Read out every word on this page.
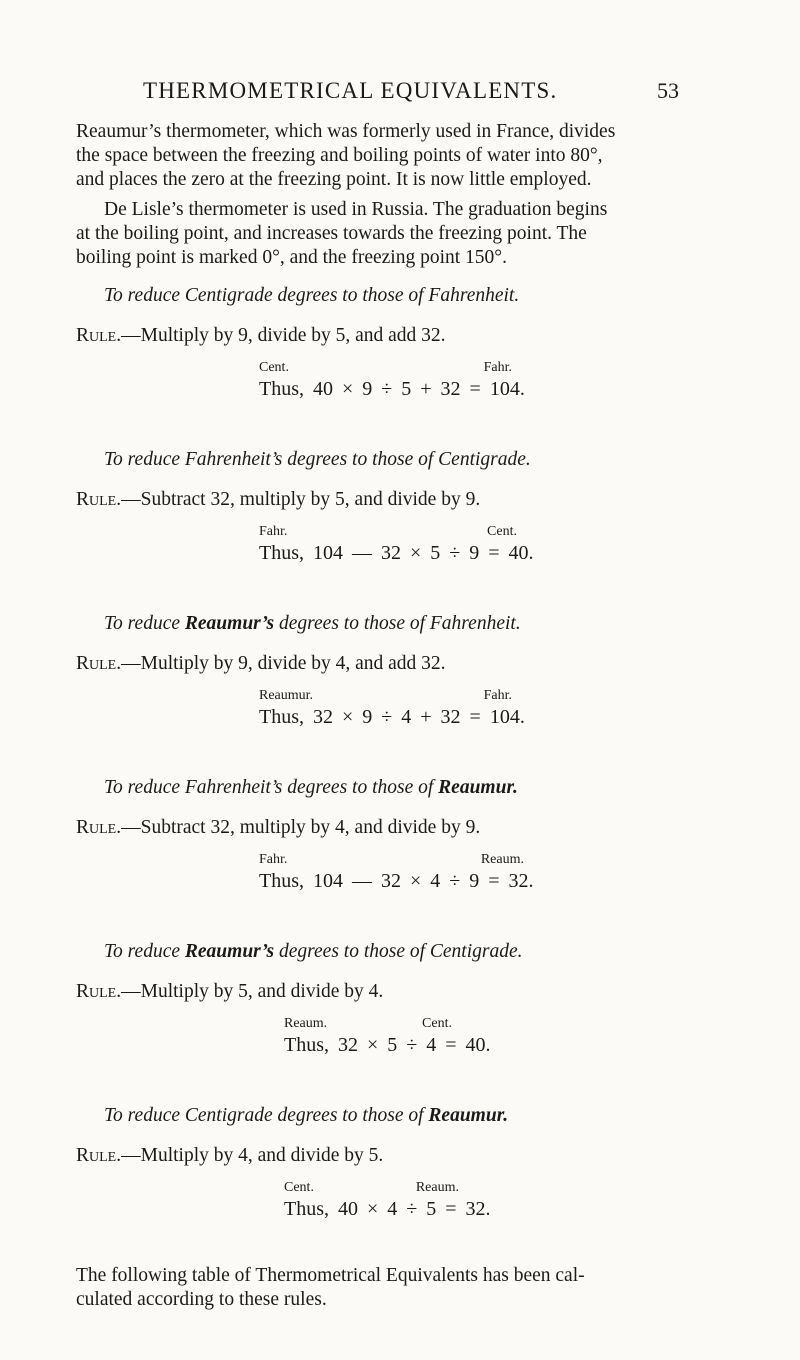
THERMOMETRICAL EQUIVALENTS.	53
Reaumur’s thermometer, which was formerly used in France, divides
the space between the freezing and boiling points of water into 80°,
and places the zero at the freezing point. It is now little employed.
De Lisle’s thermometer is used in Russia. The graduation begins
at the boiling point, and increases towards the freezing point. The
boiling point is marked 0°, and the freezing point 150°.
To reduce Centigrade degrees to those of Fahrenheit.
Rule.—Multiply by 9, divide by 5, and add 32.
Cent.	Fahr.
Thus, 40 × 9 ÷ 5 + 32 = 104.
To reduce Fahrenheit’s degrees to those of Centigrade.
Rule.—Subtract 32, multiply by 5, and divide by 9.
Fahr.	Cent.
Thus, 104 — 32 × 5 ÷ 9 = 40.
To reduce Reaumur’s degrees to those of Fahrenheit.
Rule.—Multiply by 9, divide by 4, and add 32.
Reaumur.	Fahr.
Thus, 32 × 9 ÷ 4 + 32 = 104.
To reduce Fahrenheit’s degrees to those of Reaumur.
Rule.—Subtract 32, multiply by 4, and divide by 9.
Fahr.	Reaum.
Thus, 104 — 32 × 4 ÷ 9 = 32.
To reduce Reaumur’s degrees to those of Centigrade.
Rule.—Multiply by 5, and divide by 4.
Reaum.	Cent.
Thus, 32 × 5 ÷ 4 = 40.
To reduce Centigrade degrees to those of Reaumur.
Rule.—Multiply by 4, and divide by 5.
Cent.	Reaum.
Thus, 40 × 4 ÷ 5 = 32.
The following table of Thermometrical Equivalents has been cal-
culated according to these rules.
